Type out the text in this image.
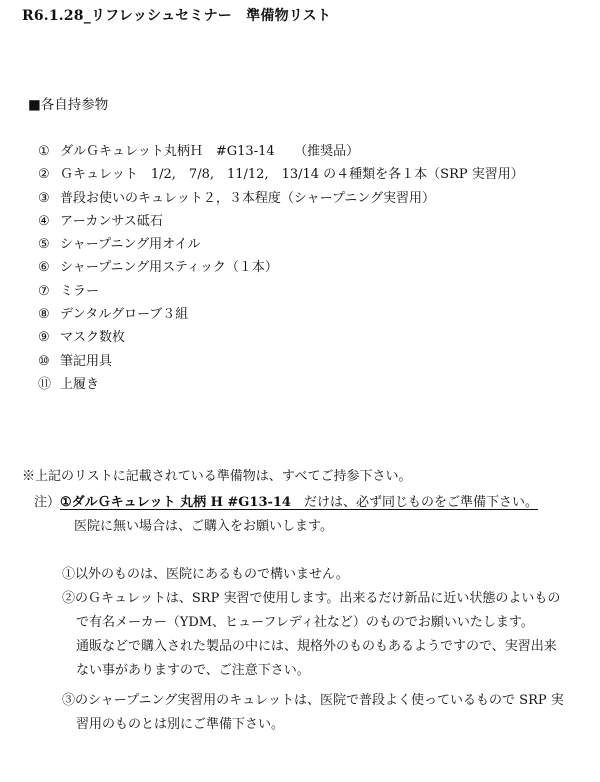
R6.1.28_リフレッシュセミナー　準備物リスト
■各自持参物
① ダルＧキュレット丸柄Ｈ　#G13-14　　（推奨品）
② Ｇキュレット　1/2,　7/8,　11/12,　13/14 の４種類を各１本（SRP 実習用）
③ 普段お使いのキュレット２，３本程度（シャープニング実習用）
④ アーカンサス砥石
⑤ シャープニング用オイル
⑥ シャープニング用スティック（１本）
⑦ ミラー
⑧ デンタルグローブ３組
⑨ マスク数枚
⑩ 筆記用具
⑪ 上履き
※上記のリストに記載されている準備物は、すべてご持参下さい。
注）①ダルＧキュレット 丸柄 H #G13-14　だけは、必ず同じものをご準備下さい。
医院に無い場合は、ご購入をお願いします。
①以外のものは、医院にあるもので構いません。
②のＧキュレットは、SRP 実習で使用します。出来るだけ新品に近い状態のよいもの
で有名メーカー（YDM、ヒューフレディ社など）のものでお願いいたします。
通販などで購入された製品の中には、規格外のものもあるようですので、実習出来
ない事がありますので、ご注意下さい。
③のシャープニング実習用のキュレットは、医院で普段よく使っているもので SRP 実
習用のものとは別にご準備下さい。
